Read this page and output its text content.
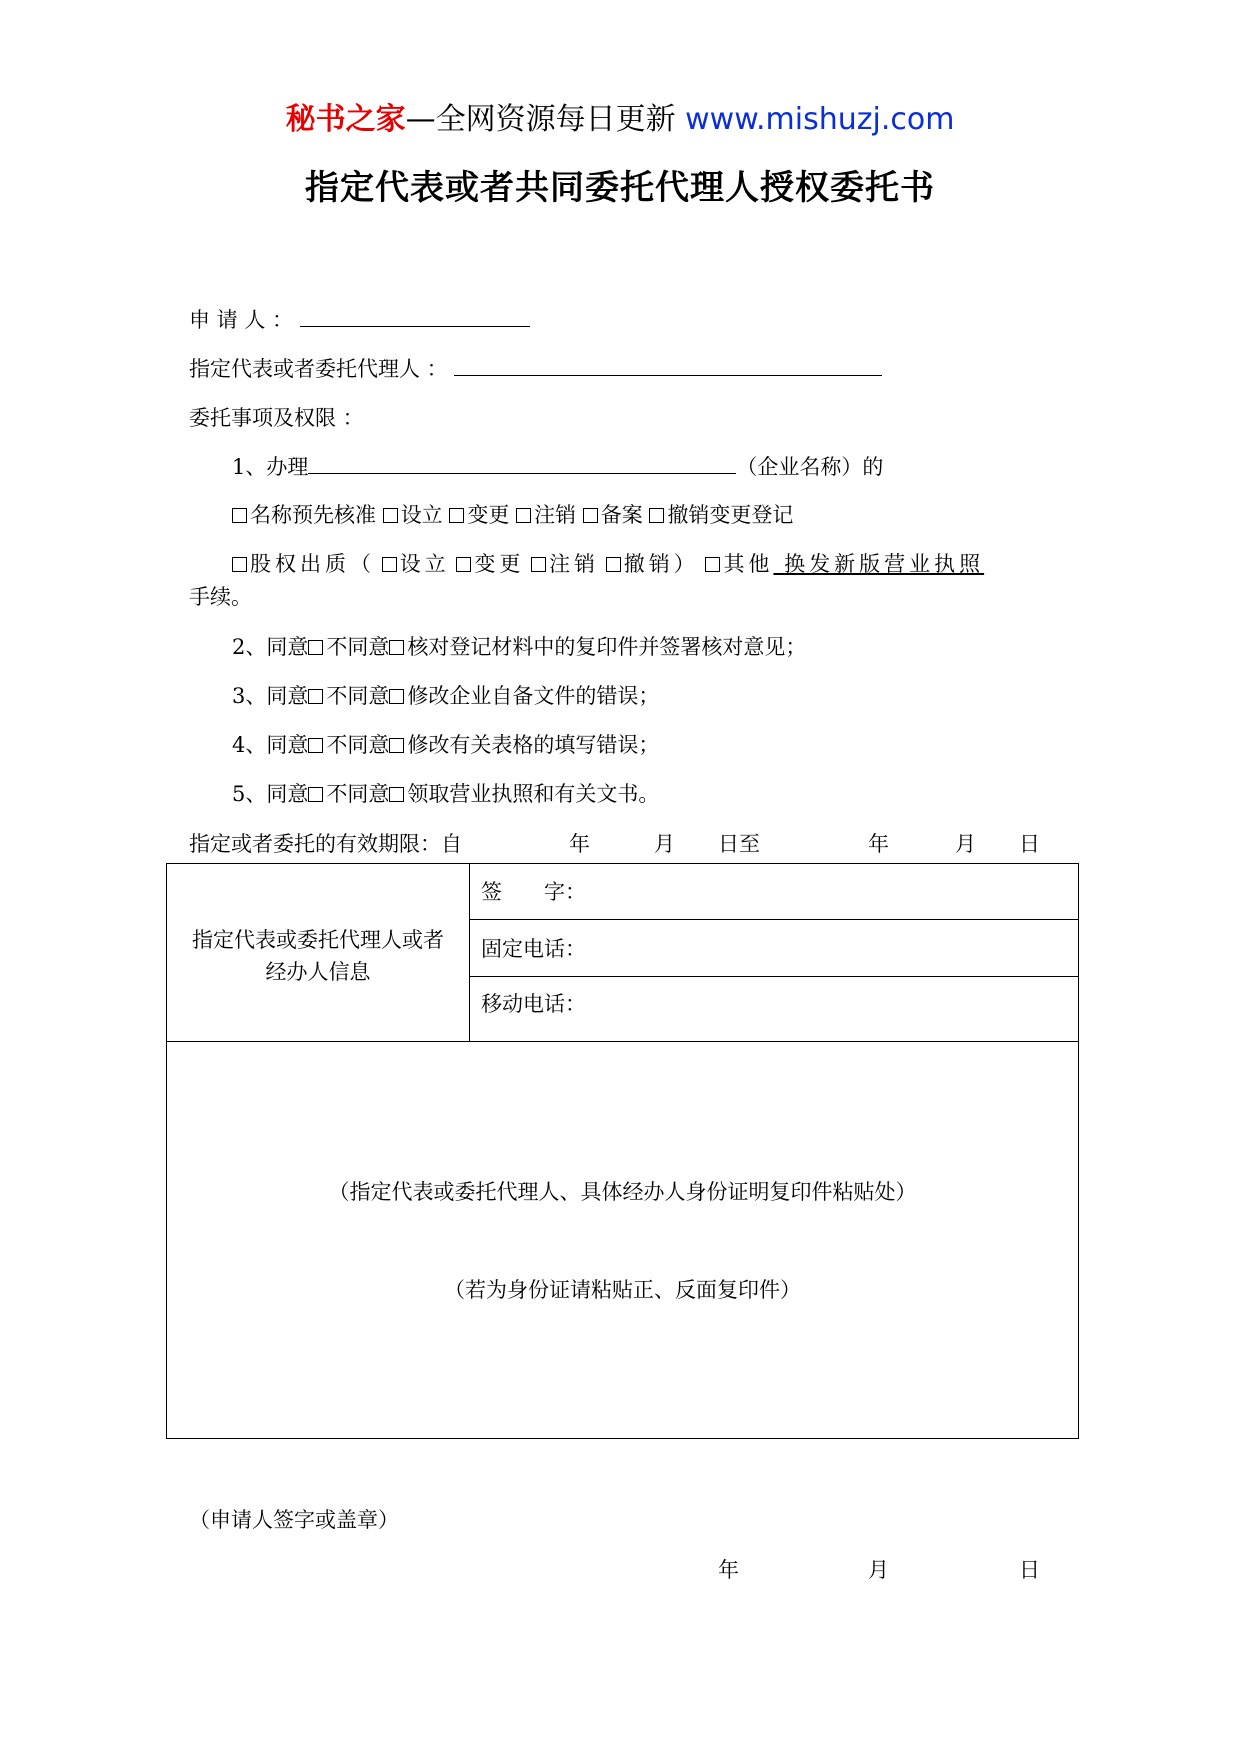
秘书之家—全网资源每日更新 www.mishuzj.com
指定代表或者共同委托代理人授权委托书
申 请 人 ：
指定代表或者委托代理人 ：
委托事项及权限 ：
1、办理	（企业名称）的
名称预先核准 设立 变更 注销 备案 撤销变更登记
股权出质（ 设立 变更 注销 撤销） 其他 换发新版营业执照
手续。
2、同意 不同意 核对登记材料中的复印件并签署核对意见；
3、同意 不同意 修改企业自备文件的错误；
4、同意 不同意 修改有关表格的填写错误；
5、同意 不同意 领取营业执照和有关文书。
指定或者委托的有效期限：自	年	月 日至	年	月 日
指定代表或委托代理人或者
经办人信息
签　　字：
固定电话：
移动电话：
（指定代表或委托代理人、具体经办人身份证明复印件粘贴处）
（若为身份证请粘贴正、反面复印件）
（申请人签字或盖章）
年	月	日
